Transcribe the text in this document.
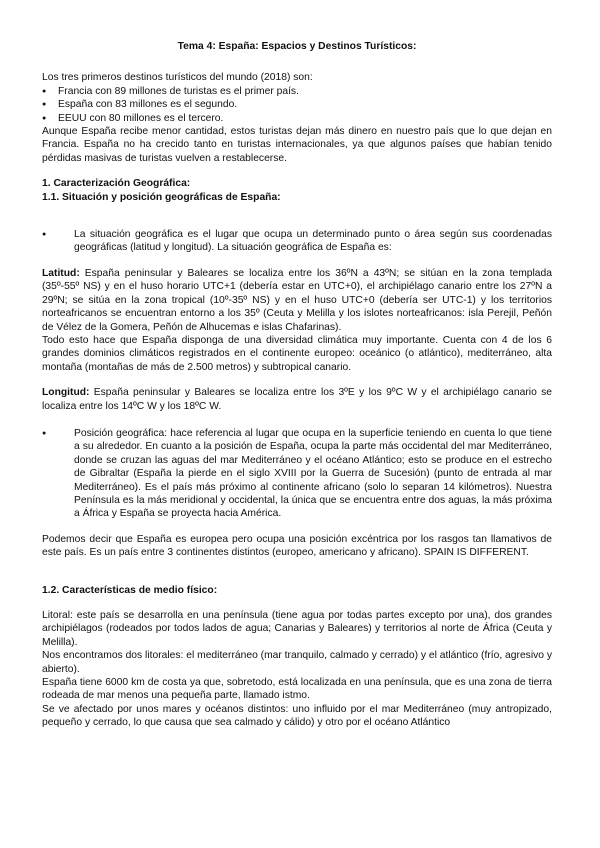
Tema 4: España: Espacios y Destinos Turísticos:

Los tres primeros destinos turísticos del mundo (2018) son:

● Francia con 89 millones de turistas es el primer país.
● España con 83 millones es el segundo.
● EEUU con 80 millones es el tercero.

Aunque España recibe menor cantidad, estos turistas dejan más dinero en nuestro país que lo que dejan en Francia. España no ha crecido tanto en turistas internacionales, ya que algunos países que habían tenido pérdidas masivas de turistas vuelven a restablecerse.

1. Caracterización Geográfica:

1.1. Situación y posición geográficas de España:

● La situación geográfica es el lugar que ocupa un determinado punto o área según sus coordenadas geográficas (latitud y longitud). La situación geográfica de España es:

Latitud: España peninsular y Baleares se localiza entre los 36ºN a 43ºN; se sitúan en la zona templada (35º-55º NS) y en el huso horario UTC+1 (debería estar en UTC+0), el archipiélago canario entre los 27ºN a 29ºN; se sitúa en la zona tropical (10º-35º NS) y en el huso UTC+0 (debería ser UTC-1) y los territorios norteafricanos se encuentran entorno a los 35º (Ceuta y Melilla y los islotes norteafricanos: isla Perejil, Peñón de Vélez de la Gomera, Peñón de Alhucemas e islas Chafarinas).

Todo esto hace que España disponga de una diversidad climática muy importante. Cuenta con 4 de los 6 grandes dominios climáticos registrados en el continente europeo: oceánico (o atlántico), mediterráneo, alta montaña (montañas de más de 2.500 metros) y subtropical canario.

Longitud: España peninsular y Baleares se localiza entre los 3ºE y los 9ºC W y el archipiélago canario se localiza entre los 14ºC W y los 18ºC W.

● Posición geográfica: hace referencia al lugar que ocupa en la superficie teniendo en cuenta lo que tiene a su alrededor. En cuanto a la posición de España, ocupa la parte más occidental del mar Mediterráneo, donde se cruzan las aguas del mar Mediterráneo y el océano Atlántico; esto se produce en el estrecho de Gibraltar (España la pierde en el siglo XVIII por la Guerra de Sucesión) (punto de entrada al mar Mediterráneo). Es el país más próximo al continente africano (solo lo separan 14 kilómetros). Nuestra Península es la más meridional y occidental, la única que se encuentra entre dos aguas, la más próxima a África y España se proyecta hacia América.

Podemos decir que España es europea pero ocupa una posición excéntrica por los rasgos tan llamativos de este país. Es un país entre 3 continentes distintos (europeo, americano y africano). SPAIN IS DIFFERENT.

1.2. Características de medio físico:

Litoral: este país se desarrolla en una península (tiene agua por todas partes excepto por una), dos grandes archipiélagos (rodeados por todos lados de agua; Canarias y Baleares) y territorios al norte de África (Ceuta y Melilla).

Nos encontramos dos litorales: el mediterráneo (mar tranquilo, calmado y cerrado) y el atlántico (frío, agresivo y abierto).

España tiene 6000 km de costa ya que, sobretodo, está localizada en una península, que es una zona de tierra rodeada de mar menos una pequeña parte, llamado istmo.

Se ve afectado por unos mares y océanos distintos: uno influido por el mar Mediterráneo (muy antropizado, pequeño y cerrado, lo que causa que sea calmado y cálido) y otro por el océano Atlántico
